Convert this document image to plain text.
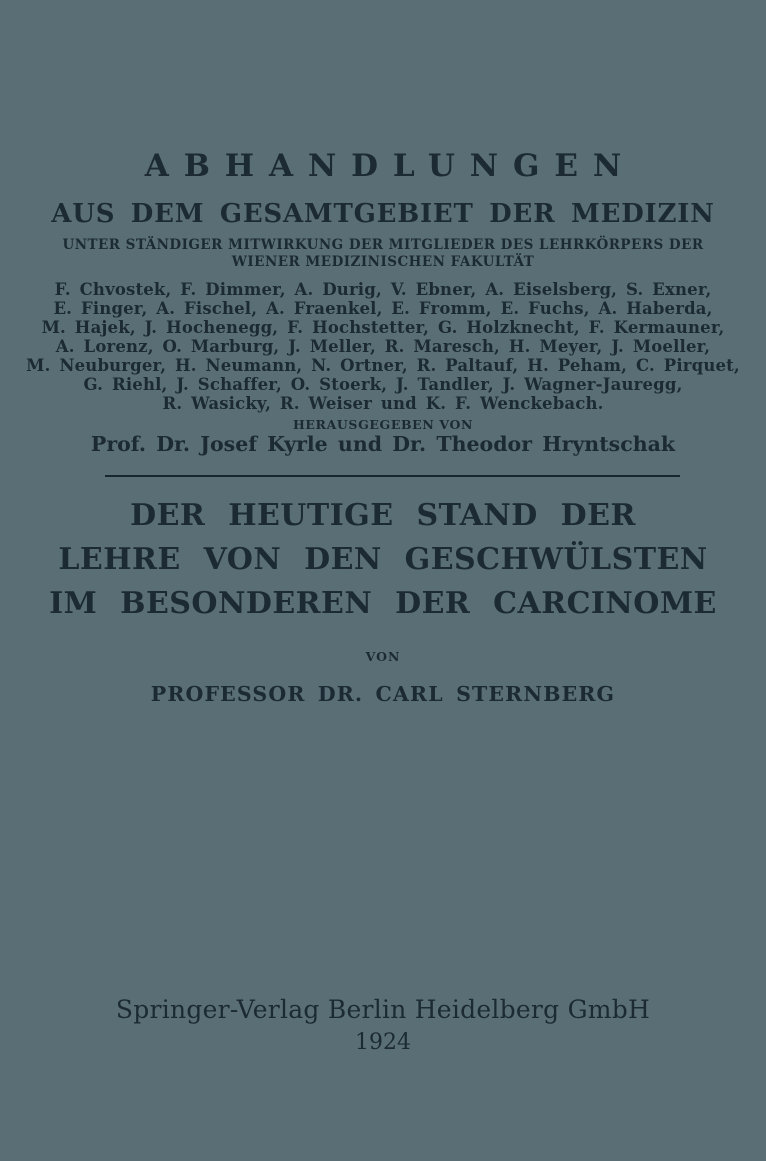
ABHANDLUNGEN
AUS DEM GESAMTGEBIET DER MEDIZIN
UNTER STÄNDIGER MITWIRKUNG DER MITGLIEDER DES LEHRKÖRPERS DER
WIENER MEDIZINISCHEN FAKULTÄT
F. Chvostek, F. Dimmer, A. Durig, V. Ebner, A. Eiselsberg, S. Exner,
E. Finger, A. Fischel, A. Fraenkel, E. Fromm, E. Fuchs, A. Haberda,
M. Hajek, J. Hochenegg, F. Hochstetter, G. Holzknecht, F. Kermauner,
A. Lorenz, O. Marburg, J. Meller, R. Maresch, H. Meyer, J. Moeller,
M. Neuburger, H. Neumann, N. Ortner, R. Paltauf, H. Peham, C. Pirquet,
G. Riehl, J. Schaffer, O. Stoerk, J. Tandler, J. Wagner-Jauregg,
R. Wasicky, R. Weiser und K. F. Wenckebach.
HERAUSGEGEBEN VON
Prof. Dr. Josef Kyrle und Dr. Theodor Hryntschak
DER HEUTIGE STAND DER
LEHRE VON DEN GESCHWÜLSTEN
IM BESONDEREN DER CARCINOME
VON
PROFESSOR DR. CARL STERNBERG
Springer-Verlag Berlin Heidelberg GmbH
1924
